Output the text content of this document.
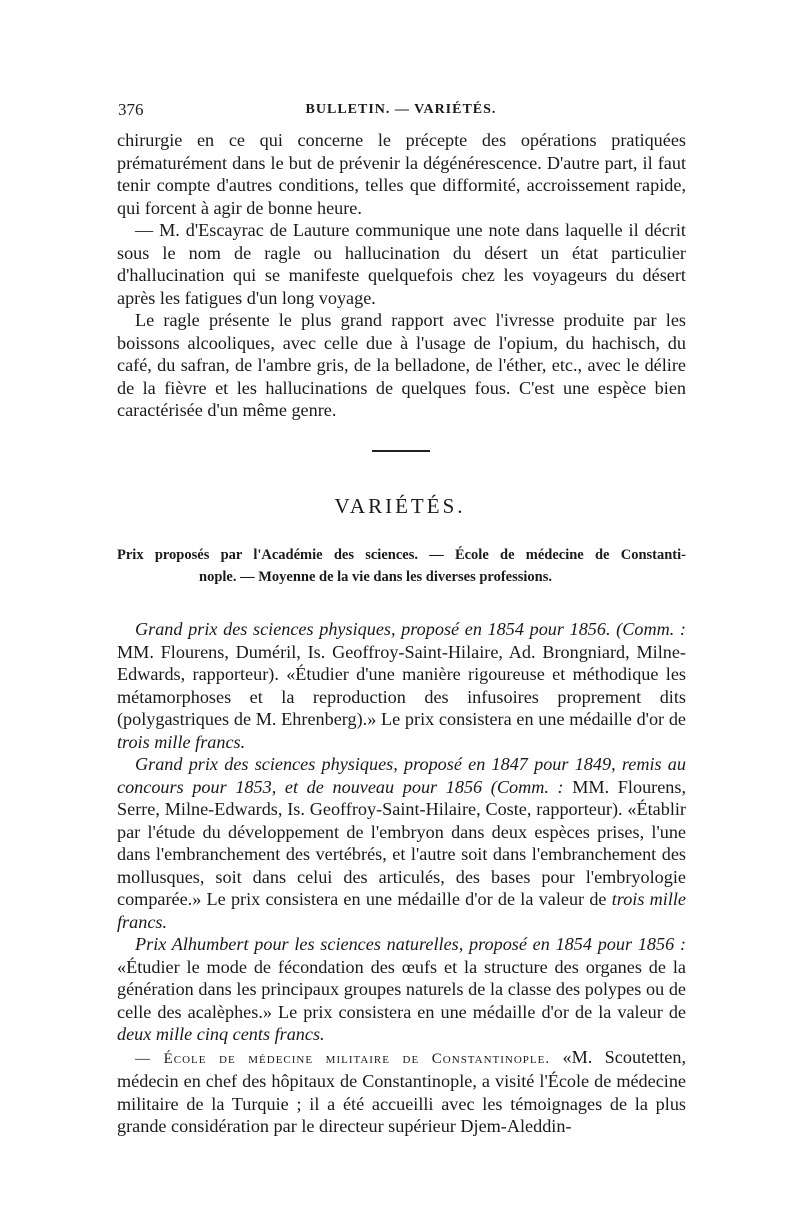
376	BULLETIN. — VARIÉTÉS.

chirurgie en ce qui concerne le précepte des opérations pratiquées prématurément dans le but de prévenir la dégénérescence. D'autre part, il faut tenir compte d'autres conditions, telles que difformité, accroissement rapide, qui forcent à agir de bonne heure.

— M. d'Escayrac de Lauture communique une note dans laquelle il décrit sous le nom de ragle ou hallucination du désert un état particulier d'hallucination qui se manifeste quelquefois chez les voyageurs du désert après les fatigues d'un long voyage.

Le ragle présente le plus grand rapport avec l'ivresse produite par les boissons alcooliques, avec celle due à l'usage de l'opium, du hachisch, du café, du safran, de l'ambre gris, de la belladone, de l'éther, etc., avec le délire de la fièvre et les hallucinations de quelques fous. C'est une espèce bien caractérisée d'un même genre.

VARIÉTÉS.
Prix proposés par l'Académie des sciences. — École de médecine de Constanti-
nople. — Moyenne de la vie dans les diverses professions.

Grand prix des sciences physiques, proposé en 1854 pour 1856. (Comm. : MM. Flourens, Duméril, Is. Geoffroy-Saint-Hilaire, Ad. Brongniard, Milne-Edwards, rapporteur). «Étudier d'une manière rigoureuse et méthodique les métamorphoses et la reproduction des infusoires proprement dits (polygastriques de M. Ehrenberg).» Le prix consistera en une médaille d'or de trois mille francs.

Grand prix des sciences physiques, proposé en 1847 pour 1849, remis au concours pour 1853, et de nouveau pour 1856 (Comm. : MM. Flourens, Serre, Milne-Edwards, Is. Geoffroy-Saint-Hilaire, Coste, rapporteur). «Établir par l'étude du développement de l'embryon dans deux espèces prises, l'une dans l'embranchement des vertébrés, et l'autre soit dans l'embranchement des mollusques, soit dans celui des articulés, des bases pour l'embryologie comparée.» Le prix consistera en une médaille d'or de la valeur de trois mille francs.

Prix Alhumbert pour les sciences naturelles, proposé en 1854 pour 1856 : «Étudier le mode de fécondation des œufs et la structure des organes de la génération dans les principaux groupes naturels de la classe des polypes ou de celle des acalèphes.» Le prix consistera en une médaille d'or de la valeur de deux mille cinq cents francs.

— École de médecine militaire de Constantinople. «M. Scoutetten, médecin en chef des hôpitaux de Constantinople, a visité l'École de médecine militaire de la Turquie ; il a été accueilli avec les témoignages de la plus grande considération par le directeur supérieur Djem-Aleddin-
